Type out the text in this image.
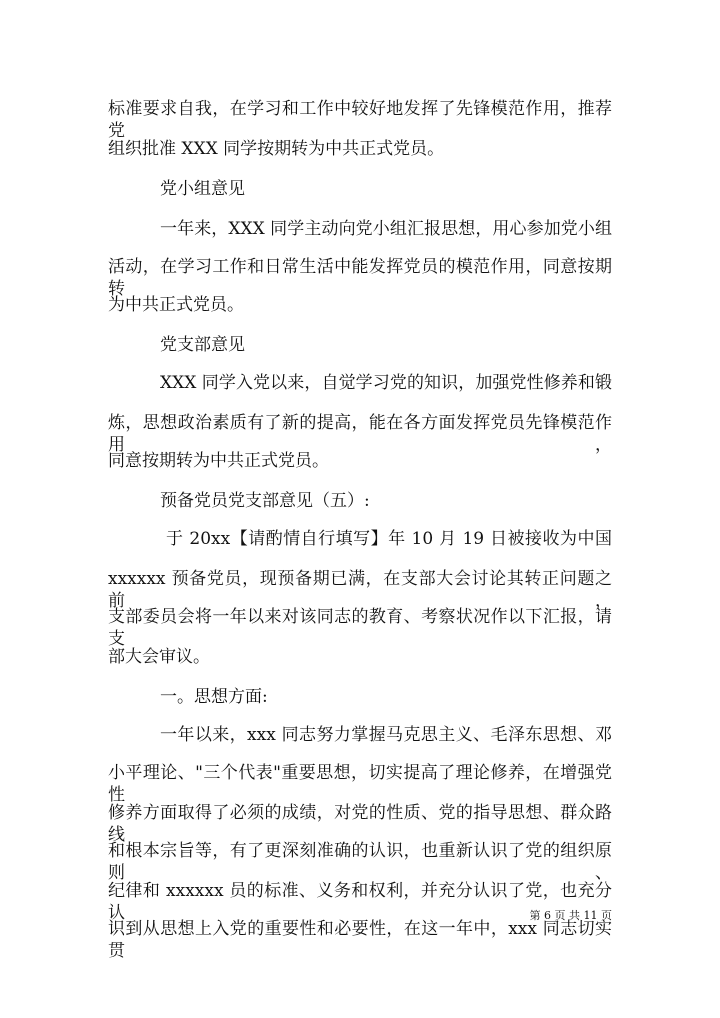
标准要求自我，在学习和工作中较好地发挥了先锋模范作用，推荐党
组织批准 XXX 同学按期转为中共正式党员。
党小组意见
一年来，XXX 同学主动向党小组汇报思想，用心参加党小组
活动，在学习工作和日常生活中能发挥党员的模范作用，同意按期转
为中共正式党员。
党支部意见
XXX 同学入党以来，自觉学习党的知识，加强党性修养和锻
炼，思想政治素质有了新的提高，能在各方面发挥党员先锋模范作用，
同意按期转为中共正式党员。
预备党员党支部意见（五）:
于 20xx【请酌情自行填写】年 10 月 19 日被接收为中国
xxxxxx 预备党员，现预备期已满，在支部大会讨论其转正问题之前，
支部委员会将一年以来对该同志的教育、考察状况作以下汇报，请支
部大会审议。
一。思想方面:
一年以来，xxx 同志努力掌握马克思主义、毛泽东思想、邓
小平理论、"三个代表"重要思想，切实提高了理论修养，在增强党性
修养方面取得了必须的成绩，对党的性质、党的指导思想、群众路线
和根本宗旨等，有了更深刻准确的认识，也重新认识了党的组织原则、
纪律和 xxxxxx 员的标准、义务和权利，并充分认识了党，也充分认
识到从思想上入党的重要性和必要性，在这一年中，xxx 同志切实贯
第 6 页 共 11 页
